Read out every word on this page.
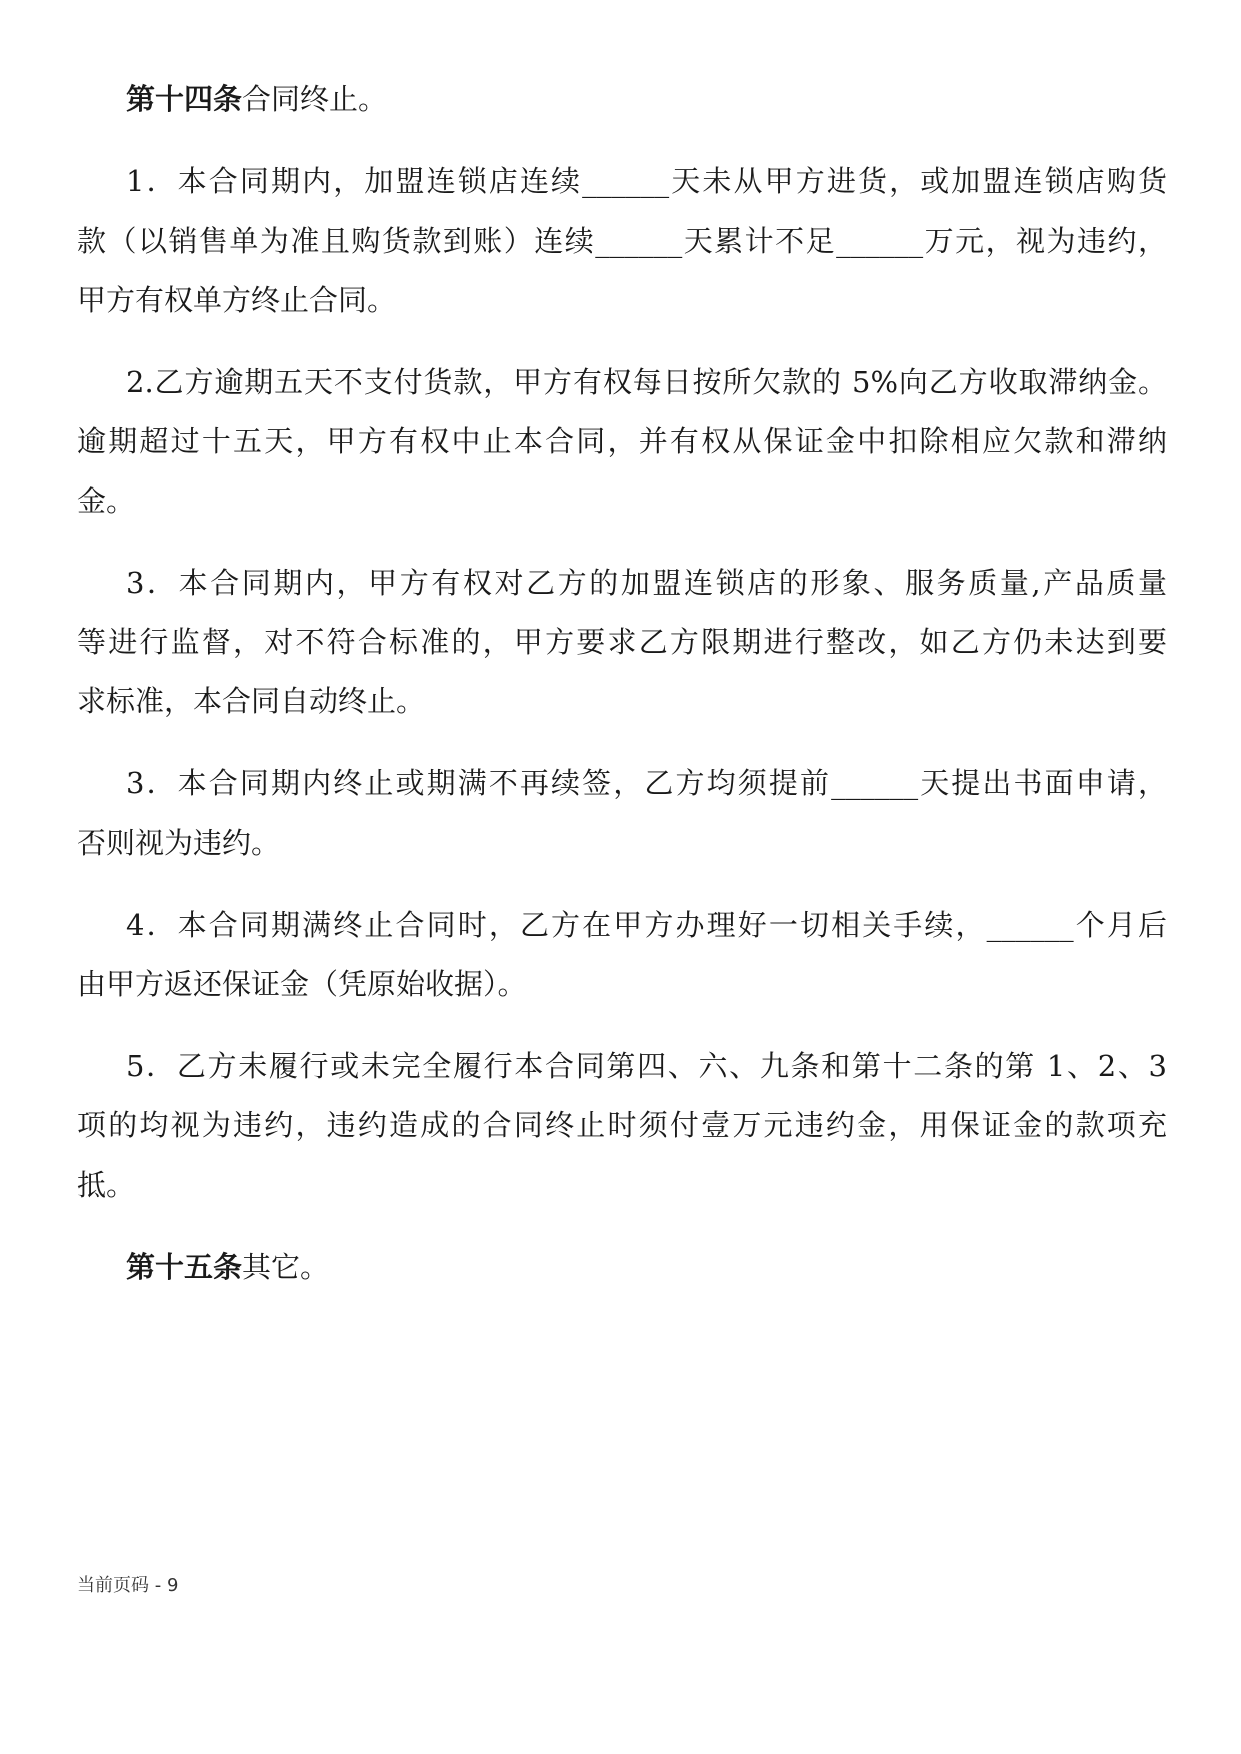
第十四条合同终止。
1．本合同期内，加盟连锁店连续______天未从甲方进货，或加盟连锁店购货
款（以销售单为准且购货款到账）连续______天累计不足______万元，视为违约，
甲方有权单方终止合同。
2.乙方逾期五天不支付货款，甲方有权每日按所欠款的 5%向乙方收取滞纳金。
逾期超过十五天，甲方有权中止本合同，并有权从保证金中扣除相应欠款和滞纳
金。
3．本合同期内，甲方有权对乙方的加盟连锁店的形象、服务质量,产品质量
等进行监督，对不符合标准的，甲方要求乙方限期进行整改，如乙方仍未达到要
求标准，本合同自动终止。
3．本合同期内终止或期满不再续签，乙方均须提前______天提出书面申请，
否则视为违约。
4．本合同期满终止合同时，乙方在甲方办理好一切相关手续，______个月后
由甲方返还保证金（凭原始收据）。
5．乙方未履行或未完全履行本合同第四、六、九条和第十二条的第 1、2、3
项的均视为违约，违约造成的合同终止时须付壹万元违约金，用保证金的款项充
抵。
第十五条其它。
当前页码 - 9
